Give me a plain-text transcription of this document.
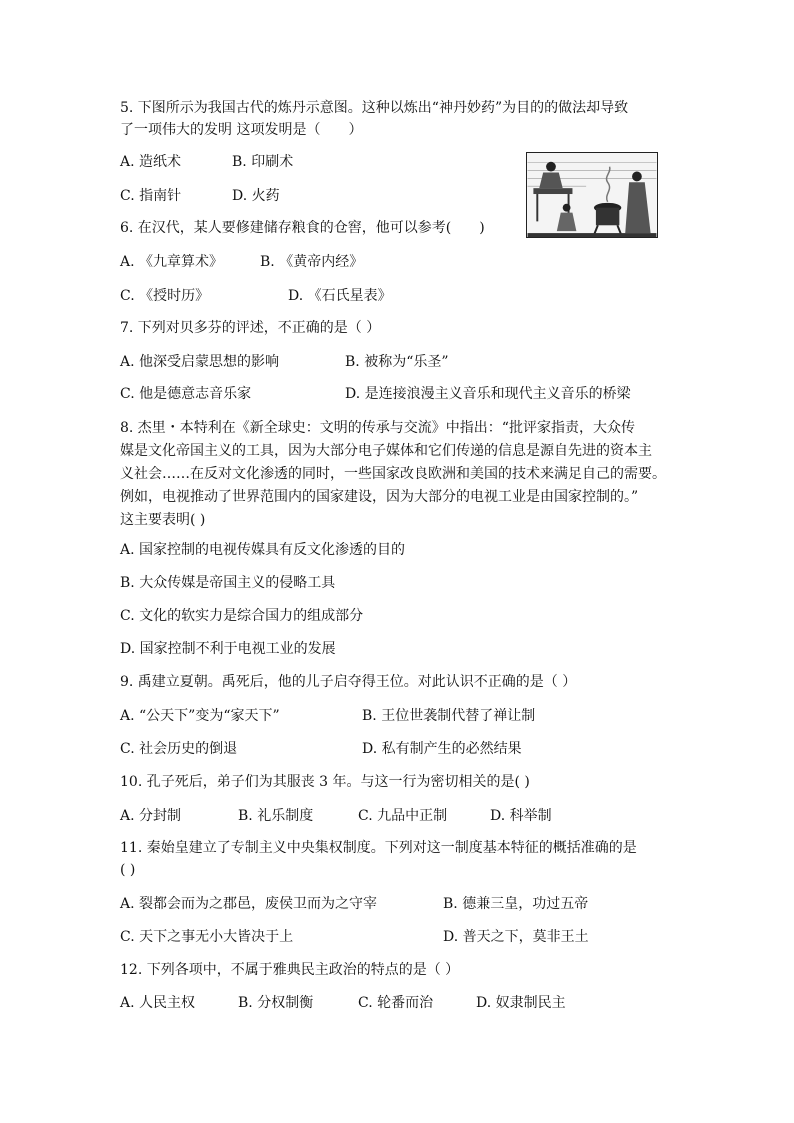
5. 下图所示为我国古代的炼丹示意图。这种以炼出“神丹妙药”为目的的做法却导致
了一项伟大的发明 这项发明是（　　）
A. 造纸术	B. 印刷术
C. 指南针	D. 火药
6. 在汉代，某人要修建储存粮食的仓窖，他可以参考(　　)
A. 《九章算术》	B. 《黄帝内经》
C. 《授时历》	D. 《石氏星表》
7. 下列对贝多芬的评述，不正确的是（ ）
A. 他深受启蒙思想的影响	B. 被称为“乐圣”
C. 他是德意志音乐家	D. 是连接浪漫主义音乐和现代主义音乐的桥梁
8. 杰里・本特利在《新全球史：文明的传承与交流》中指出：“批评家指责，大众传
媒是文化帝国主义的工具，因为大部分电子媒体和它们传递的信息是源自先进的资本主
义社会……在反对文化渗透的同时，一些国家改良欧洲和美国的技术来满足自己的需要。
例如，电视推动了世界范围内的国家建设，因为大部分的电视工业是由国家控制的。”
这主要表明( )
A. 国家控制的电视传媒具有反文化渗透的目的
B. 大众传媒是帝国主义的侵略工具
C. 文化的软实力是综合国力的组成部分
D. 国家控制不利于电视工业的发展
9. 禹建立夏朝。禹死后，他的儿子启夺得王位。对此认识不正确的是（ ）
A. “公天下”变为“家天下”	B. 王位世袭制代替了禅让制
C. 社会历史的倒退	D. 私有制产生的必然结果
10. 孔子死后，弟子们为其服丧 3 年。与这一行为密切相关的是( )
A. 分封制	B. 礼乐制度	C. 九品中正制	D. 科举制
11. 秦始皇建立了专制主义中央集权制度。下列对这一制度基本特征的概括准确的是
( )
A. 裂都会而为之郡邑，废侯卫而为之守宰	B. 德兼三皇，功过五帝
C. 天下之事无小大皆决于上	D. 普天之下，莫非王土
12. 下列各项中，不属于雅典民主政治的特点的是（ ）
A. 人民主权	B. 分权制衡	C. 轮番而治	D. 奴隶制民主
